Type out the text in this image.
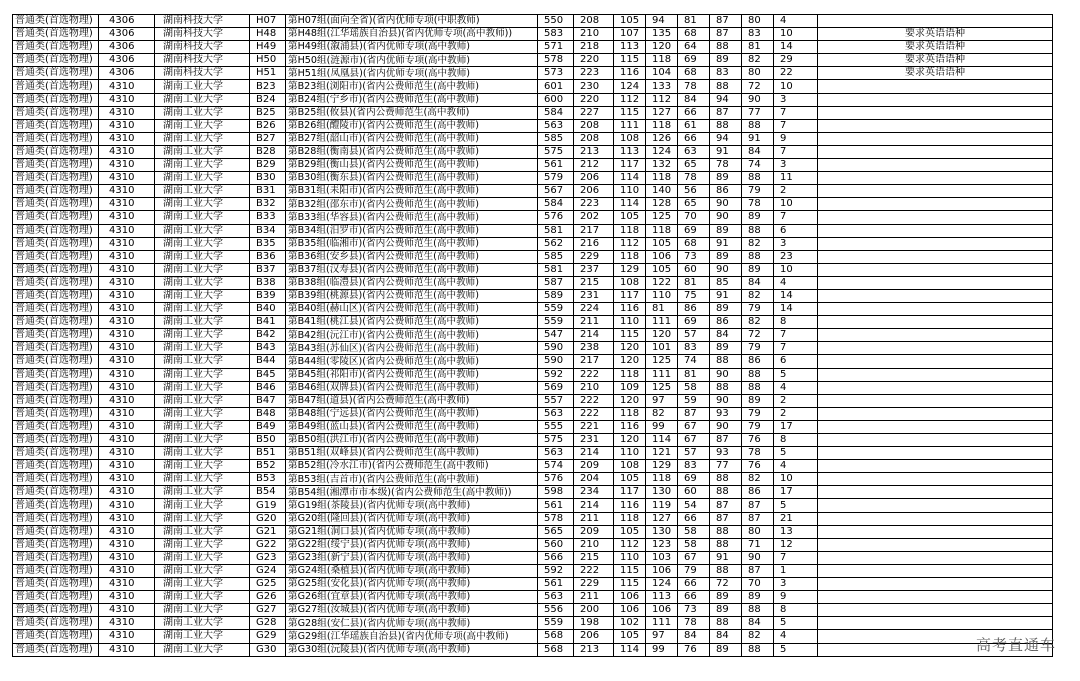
普通类(首选物理)	4306	湖南科技大学	H07	第H07组(面向全省)(省内优师专项(中职教师)	550	208	105	94	81	87	80	4	
普通类(首选物理)	4306	湖南科技大学	H48	第H48组(江华瑶族自治县)(省内优师专项(高中教师))	583	210	107	135	68	87	83	10	要求英语语种
普通类(首选物理)	4306	湖南科技大学	H49	第H49组(溆浦县)(省内优师专项(高中教师)	571	218	113	120	64	88	81	14	要求英语语种
普通类(首选物理)	4306	湖南科技大学	H50	第H50组(涟源市)(省内优师专项(高中教师)	578	220	115	118	69	89	82	29	要求英语语种
普通类(首选物理)	4306	湖南科技大学	H51	第H51组(凤凰县)(省内优师专项(高中教师)	573	223	116	104	68	83	80	22	要求英语语种
普通类(首选物理)	4310	湖南工业大学	B23	第B23组(浏阳市)(省内公费师范生(高中教师)	601	230	124	133	78	88	72	10	
普通类(首选物理)	4310	湖南工业大学	B24	第B24组(宁乡市)(省内公费师范生(高中教师)	600	220	112	112	84	94	90	3	
普通类(首选物理)	4310	湖南工业大学	B25	第B25组(攸县)(省内公费师范生(高中教师)	584	227	115	127	66	87	77	7	
普通类(首选物理)	4310	湖南工业大学	B26	第B26组(醴陵市)(省内公费师范生(高中教师)	563	208	111	118	61	88	88	7	
普通类(首选物理)	4310	湖南工业大学	B27	第B27组(韶山市)(省内公费师范生(高中教师)	585	208	108	126	66	94	91	9	
普通类(首选物理)	4310	湖南工业大学	B28	第B28组(衡南县)(省内公费师范生(高中教师)	575	213	113	124	63	91	84	7	
普通类(首选物理)	4310	湖南工业大学	B29	第B29组(衡山县)(省内公费师范生(高中教师)	561	212	117	132	65	78	74	3	
普通类(首选物理)	4310	湖南工业大学	B30	第B30组(衡东县)(省内公费师范生(高中教师)	579	206	114	118	78	89	88	11	
普通类(首选物理)	4310	湖南工业大学	B31	第B31组(耒阳市)(省内公费师范生(高中教师)	567	206	110	140	56	86	79	2	
普通类(首选物理)	4310	湖南工业大学	B32	第B32组(邵东市)(省内公费师范生(高中教师)	584	223	114	128	65	90	78	10	
普通类(首选物理)	4310	湖南工业大学	B33	第B33组(华容县)(省内公费师范生(高中教师)	576	202	105	125	70	90	89	7	
普通类(首选物理)	4310	湖南工业大学	B34	第B34组(汨罗市)(省内公费师范生(高中教师)	581	217	118	118	69	89	88	6	
普通类(首选物理)	4310	湖南工业大学	B35	第B35组(临湘市)(省内公费师范生(高中教师)	562	216	112	105	68	91	82	3	
普通类(首选物理)	4310	湖南工业大学	B36	第B36组(安乡县)(省内公费师范生(高中教师)	585	229	118	106	73	89	88	23	
普通类(首选物理)	4310	湖南工业大学	B37	第B37组(汉寿县)(省内公费师范生(高中教师)	581	237	129	105	60	90	89	10	
普通类(首选物理)	4310	湖南工业大学	B38	第B38组(临澧县)(省内公费师范生(高中教师)	587	215	108	122	81	85	84	4	
普通类(首选物理)	4310	湖南工业大学	B39	第B39组(桃源县)(省内公费师范生(高中教师)	589	231	117	110	75	91	82	14	
普通类(首选物理)	4310	湖南工业大学	B40	第B40组(赫山区)(省内公费师范生(高中教师)	559	224	116	81	86	89	79	14	
普通类(首选物理)	4310	湖南工业大学	B41	第B41组(桃江县)(省内公费师范生(高中教师)	559	211	110	111	69	86	82	8	
普通类(首选物理)	4310	湖南工业大学	B42	第B42组(沅江市)(省内公费师范生(高中教师)	547	214	115	120	57	84	72	7	
普通类(首选物理)	4310	湖南工业大学	B43	第B43组(苏仙区)(省内公费师范生(高中教师)	590	238	120	101	83	89	79	7	
普通类(首选物理)	4310	湖南工业大学	B44	第B44组(零陵区)(省内公费师范生(高中教师)	590	217	120	125	74	88	86	6	
普通类(首选物理)	4310	湖南工业大学	B45	第B45组(祁阳市)(省内公费师范生(高中教师)	592	222	118	111	81	90	88	5	
普通类(首选物理)	4310	湖南工业大学	B46	第B46组(双牌县)(省内公费师范生(高中教师)	569	210	109	125	58	88	88	4	
普通类(首选物理)	4310	湖南工业大学	B47	第B47组(道县)(省内公费师范生(高中教师)	557	222	120	97	59	90	89	2	
普通类(首选物理)	4310	湖南工业大学	B48	第B48组(宁远县)(省内公费师范生(高中教师)	563	222	118	82	87	93	79	2	
普通类(首选物理)	4310	湖南工业大学	B49	第B49组(蓝山县)(省内公费师范生(高中教师)	555	221	116	99	67	90	79	17	
普通类(首选物理)	4310	湖南工业大学	B50	第B50组(洪江市)(省内公费师范生(高中教师)	575	231	120	114	67	87	76	8	
普通类(首选物理)	4310	湖南工业大学	B51	第B51组(双峰县)(省内公费师范生(高中教师)	563	214	110	121	57	93	78	5	
普通类(首选物理)	4310	湖南工业大学	B52	第B52组(冷水江市)(省内公费师范生(高中教师)	574	209	108	129	83	77	76	4	
普通类(首选物理)	4310	湖南工业大学	B53	第B53组(吉首市)(省内公费师范生(高中教师)	576	204	105	118	69	88	82	10	
普通类(首选物理)	4310	湖南工业大学	B54	第B54组(湘潭市市本级)(省内公费师范生(高中教师))	598	234	117	130	60	88	86	17	
普通类(首选物理)	4310	湖南工业大学	G19	第G19组(茶陵县)(省内优师专项(高中教师)	561	214	116	119	54	87	87	5	
普通类(首选物理)	4310	湖南工业大学	G20	第G20组(隆回县)(省内优师专项(高中教师)	578	211	118	127	66	87	87	21	
普通类(首选物理)	4310	湖南工业大学	G21	第G21组(洞口县)(省内优师专项(高中教师)	565	209	105	130	58	88	80	13	
普通类(首选物理)	4310	湖南工业大学	G22	第G22组(绥宁县)(省内优师专项(高中教师)	560	210	112	123	58	88	71	12	
普通类(首选物理)	4310	湖南工业大学	G23	第G23组(新宁县)(省内优师专项(高中教师)	566	215	110	103	67	91	90	7	
普通类(首选物理)	4310	湖南工业大学	G24	第G24组(桑植县)(省内优师专项(高中教师)	592	222	115	106	79	88	87	1	
普通类(首选物理)	4310	湖南工业大学	G25	第G25组(安化县)(省内优师专项(高中教师)	561	229	115	124	66	72	70	3	
普通类(首选物理)	4310	湖南工业大学	G26	第G26组(宜章县)(省内优师专项(高中教师)	563	211	106	113	66	89	89	9	
普通类(首选物理)	4310	湖南工业大学	G27	第G27组(汝城县)(省内优师专项(高中教师)	556	200	106	106	73	89	88	8	
普通类(首选物理)	4310	湖南工业大学	G28	第G28组(安仁县)(省内优师专项(高中教师)	559	198	102	111	78	88	84	5	
普通类(首选物理)	4310	湖南工业大学	G29	第G29组(江华瑶族自治县)(省内优师专项(高中教师)	568	206	105	97	84	84	82	4	
普通类(首选物理)	4310	湖南工业大学	G30	第G30组(沅陵县)(省内优师专项(高中教师)	568	213	114	99	76	89	88	5		高考直通车
